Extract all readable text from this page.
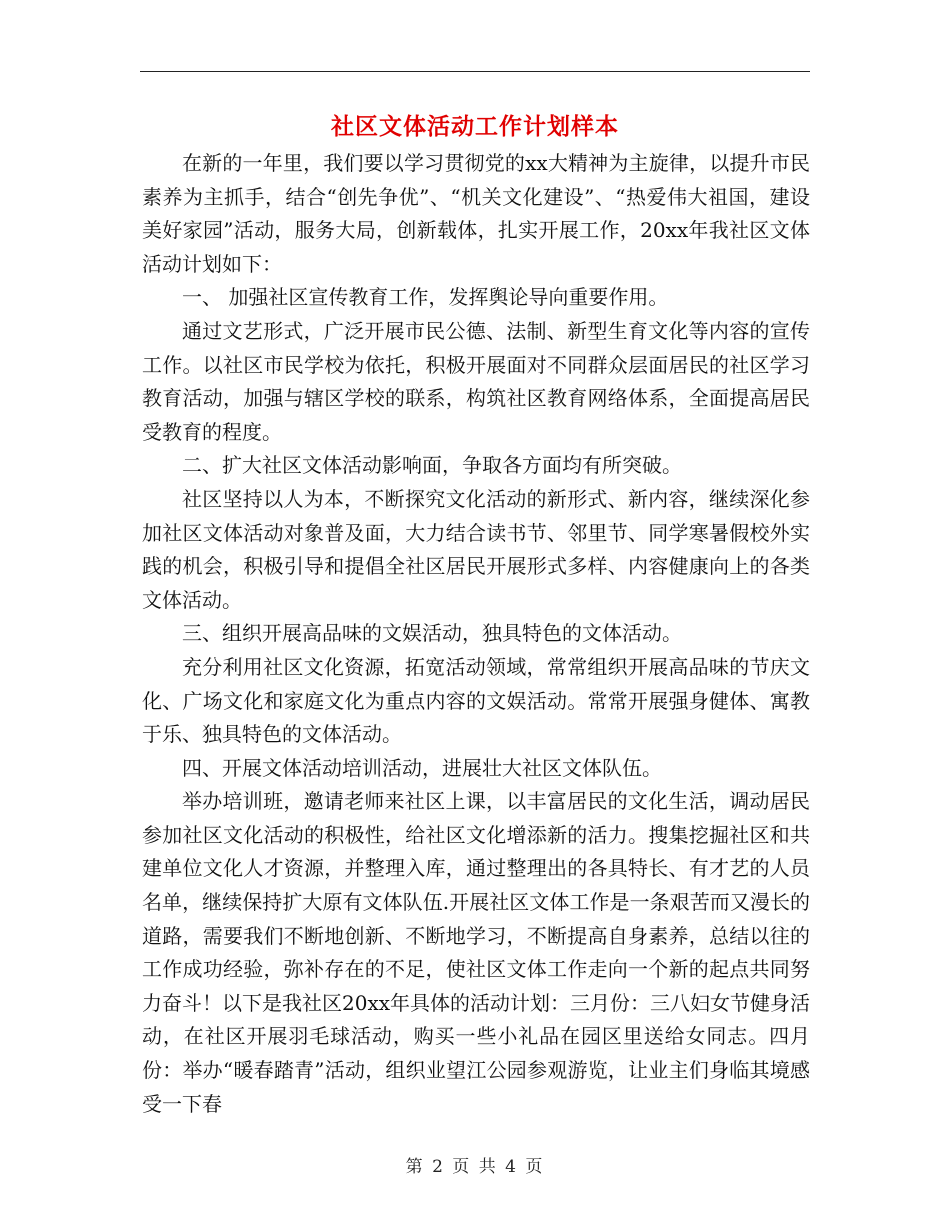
社区文体活动工作计划样本

在新的一年里，我们要以学习贯彻党的xx大精神为主旋律，以提升市民素养为主抓手，结合“创先争优”、“机关文化建设”、“热爱伟大祖国，建设美好家园”活动，服务大局，创新载体，扎实开展工作，20xx年我社区文体活动计划如下：

一、 加强社区宣传教育工作，发挥舆论导向重要作用。

通过文艺形式，广泛开展市民公德、法制、新型生育文化等内容的宣传工作。以社区市民学校为依托，积极开展面对不同群众层面居民的社区学习教育活动，加强与辖区学校的联系，构筑社区教育网络体系，全面提高居民受教育的程度。

二、扩大社区文体活动影响面，争取各方面均有所突破。

社区坚持以人为本，不断探究文化活动的新形式、新内容，继续深化参加社区文体活动对象普及面，大力结合读书节、邻里节、同学寒暑假校外实践的机会，积极引导和提倡全社区居民开展形式多样、内容健康向上的各类文体活动。

三、组织开展高品味的文娱活动，独具特色的文体活动。

充分利用社区文化资源，拓宽活动领域，常常组织开展高品味的节庆文化、广场文化和家庭文化为重点内容的文娱活动。常常开展强身健体、寓教于乐、独具特色的文体活动。

四、开展文体活动培训活动，进展壮大社区文体队伍。

举办培训班，邀请老师来社区上课，以丰富居民的文化生活，调动居民参加社区文化活动的积极性，给社区文化增添新的活力。搜集挖掘社区和共建单位文化人才资源，并整理入库，通过整理出的各具特长、有才艺的人员名单，继续保持扩大原有文体队伍.开展社区文体工作是一条艰苦而又漫长的道路，需要我们不断地创新、不断地学习，不断提高自身素养，总结以往的工作成功经验，弥补存在的不足，使社区文体工作走向一个新的起点共同努力奋斗！以下是我社区20xx年具体的活动计划：三月份：三八妇女节健身活动，在社区开展羽毛球活动，购买一些小礼品在园区里送给女同志。四月份：举办“暖春踏青”活动，组织业望江公园参观游览，让业主们身临其境感受一下春

第 2 页 共 4 页
